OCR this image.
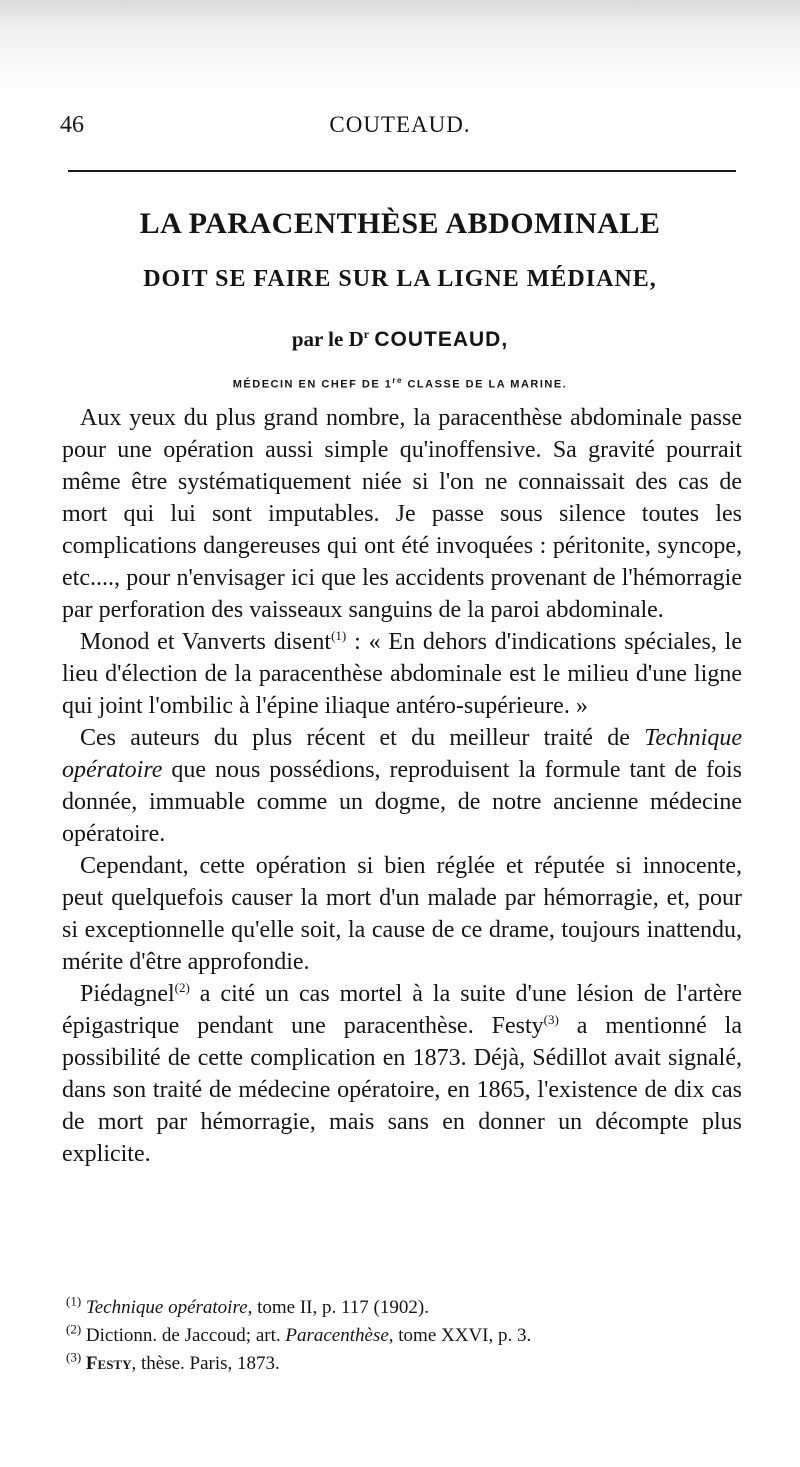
46	COUTEAUD.

LA PARACENTHÈSE ABDOMINALE

DOIT SE FAIRE SUR LA LIGNE MÉDIANE,

par le $D^r$ COUTEAUD,

MÉDECIN EN CHEF DE 1re CLASSE DE LA MARINE.

Aux yeux du plus grand nombre, la paracenthèse abdominale passe pour une opération aussi simple qu'inoffensive. Sa gravité pourrait même être systématiquement niée si l'on ne connaissait des cas de mort qui lui sont imputables. Je passe sous silence toutes les complications dangereuses qui ont été invoquées : péritonite, syncope, etc...., pour n'envisager ici que les accidents provenant de l'hémorragie par perforation des vaisseaux sanguins de la paroi abdominale.

Monod et Vanverts disent$^{(1)}$ : « En dehors d'indications spéciales, le lieu d'élection de la paracenthèse abdominale est le milieu d'une ligne qui joint l'ombilic à l'épine iliaque antéro-supérieure. »

Ces auteurs du plus récent et du meilleur traité de Technique opératoire que nous possédions, reproduisent la formule tant de fois donnée, immuable comme un dogme, de notre ancienne médecine opératoire.

Cependant, cette opération si bien réglée et réputée si innocente, peut quelquefois causer la mort d'un malade par hémorragie, et, pour si exceptionnelle qu'elle soit, la cause de ce drame, toujours inattendu, mérite d'être approfondie.

Piédagnel$^{(2)}$ a cité un cas mortel à la suite d'une lésion de l'artère épigastrique pendant une paracenthèse. Festy$^{(3)}$ a mentionné la possibilité de cette complication en 1873. Déjà, Sédillot avait signalé, dans son traité de médecine opératoire, en 1865, l'existence de dix cas de mort par hémorragie, mais sans en donner un décompte plus explicite.

$^{(1)}$ Technique opératoire, tome II, p. 117 (1902).

$^{(2)}$ Dictionn. de Jaccoud; art. Paracenthèse, tome XXVI, p. 3.

$^{(3)}$ Festy, thèse. Paris, 1873.
